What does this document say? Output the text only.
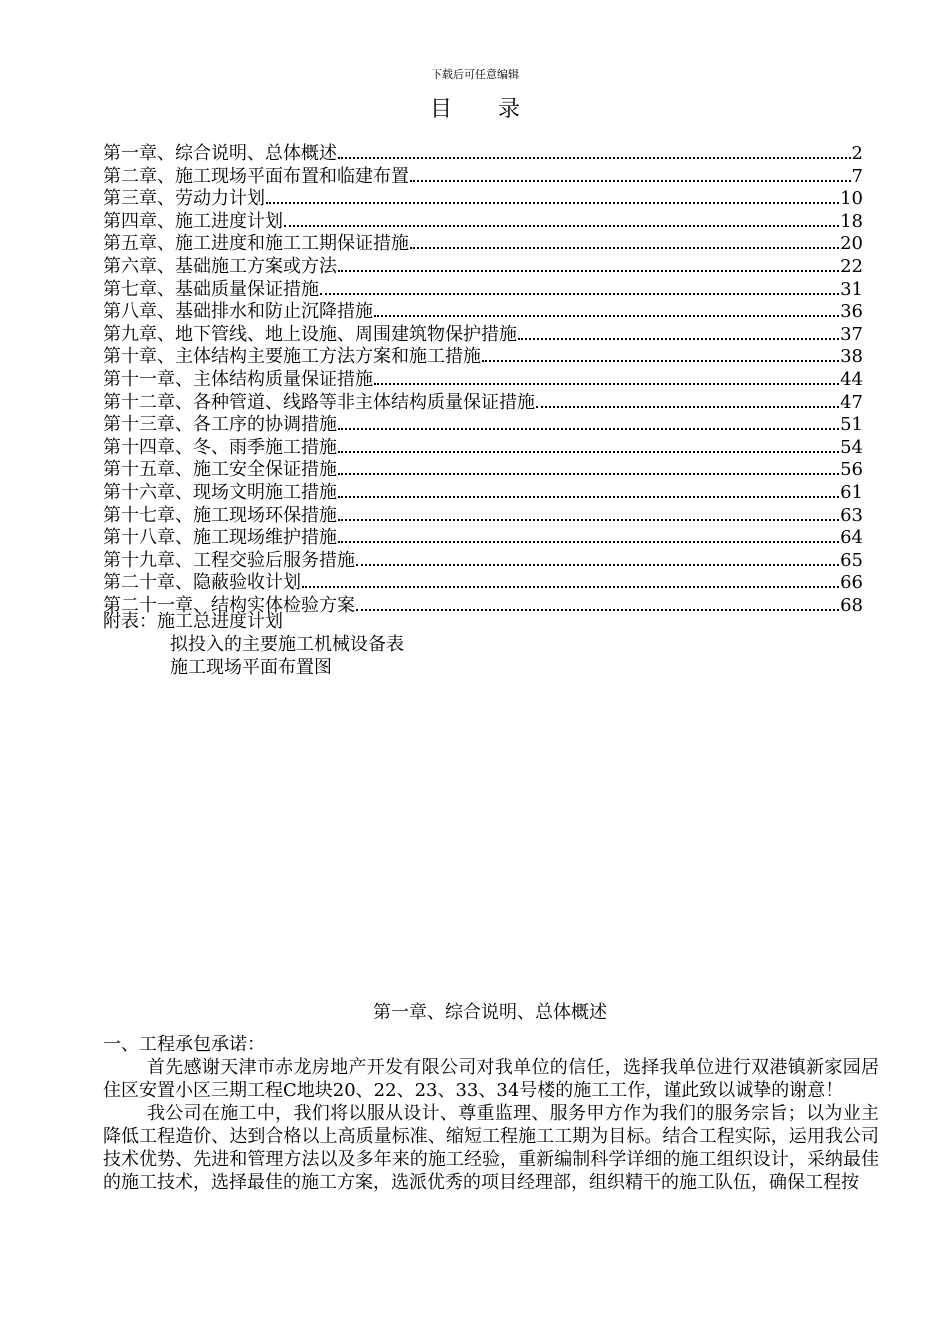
下载后可任意编辑
目 录
第一章、综合说明、总体概述	2
第二章、施工现场平面布置和临建布置	7
第三章、劳动力计划	10
第四章、施工进度计划	18
第五章、施工进度和施工工期保证措施	20
第六章、基础施工方案或方法	22
第七章、基础质量保证措施	31
第八章、基础排水和防止沉降措施	36
第九章、地下管线、地上设施、周围建筑物保护措施	37
第十章、主体结构主要施工方法方案和施工措施	38
第十一章、主体结构质量保证措施	44
第十二章、各种管道、线路等非主体结构质量保证措施	47
第十三章、各工序的协调措施	51
第十四章、冬、雨季施工措施	54
第十五章、施工安全保证措施	56
第十六章、现场文明施工措施	61
第十七章、施工现场环保措施	63
第十八章、施工现场维护措施	64
第十九章、工程交验后服务措施	65
第二十章、隐蔽验收计划	66
第二十一章、结构实体检验方案	68
附表：施工总进度计划
拟投入的主要施工机械设备表
施工现场平面布置图
第一章、综合说明、总体概述

一、工程承包承诺：

首先感谢天津市赤龙房地产开发有限公司对我单位的信任，选择我单位进行双港镇新家园居住区安置小区三期工程C地块20、22、23、33、34号楼的施工工作，谨此致以诚挚的谢意！

我公司在施工中，我们将以服从设计、尊重监理、服务甲方作为我们的服务宗旨；以为业主降低工程造价、达到合格以上高质量标准、缩短工程施工工期为目标。结合工程实际，运用我公司技术优势、先进和管理方法以及多年来的施工经验，重新编制科学详细的施工组织设计，采纳最佳的施工技术，选择最佳的施工方案，选派优秀的项目经理部，组织精干的施工队伍，确保工程按
